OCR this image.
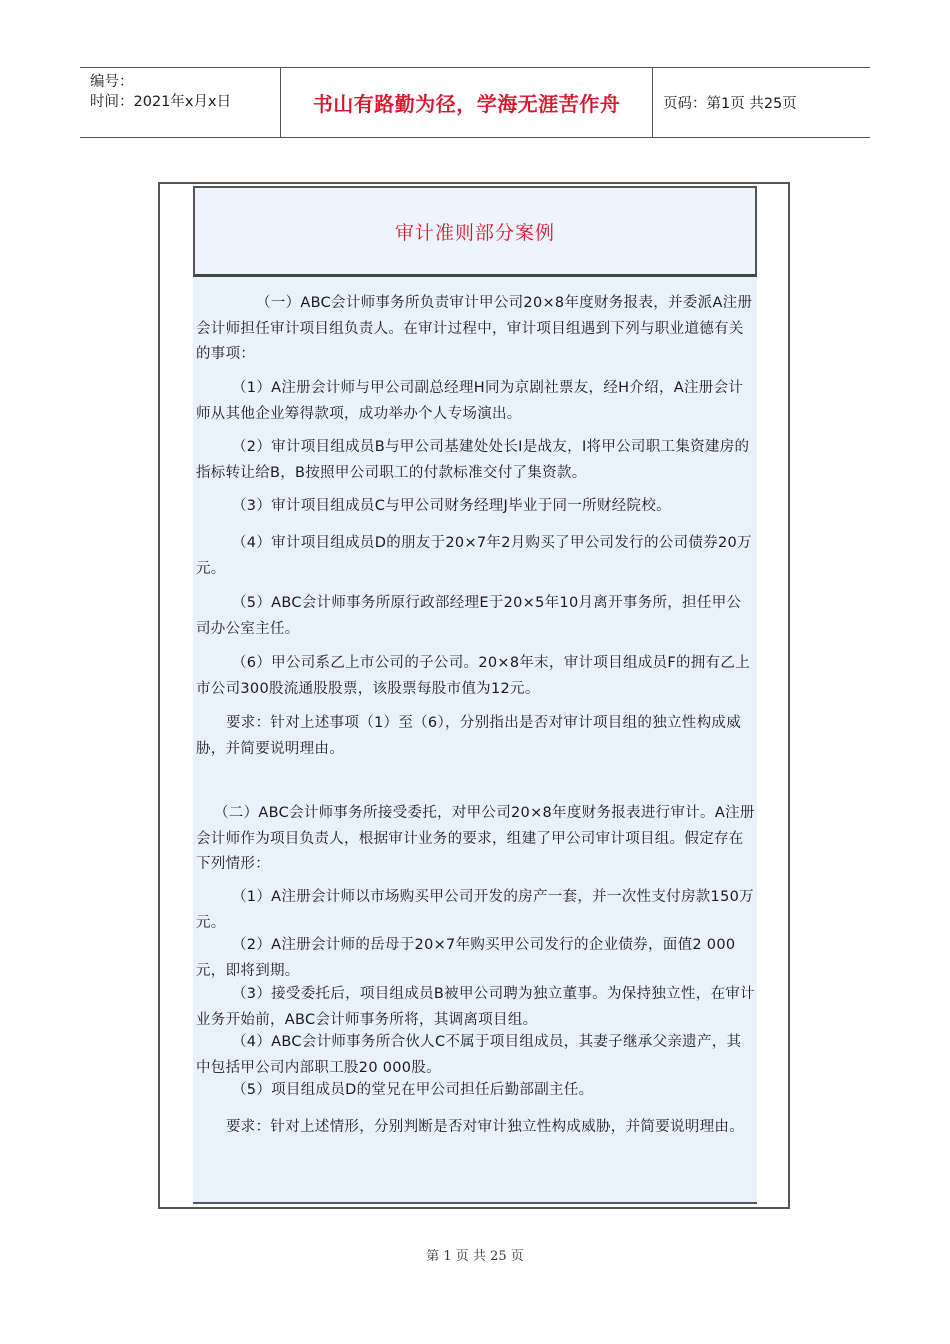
编号：
时间：2021年x月x日	书山有路勤为径，学海无涯苦作舟	页码：第1页 共25页
审计准则部分案例
（一）ABC会计师事务所负责审计甲公司20×8年度财务报表，并委派A注册会计师担任审计项目组负责人。在审计过程中，审计项目组遇到下列与职业道德有关的事项：
（1）A注册会计师与甲公司副总经理H同为京剧社票友，经H介绍，A注册会计师从其他企业筹得款项，成功举办个人专场演出。
（2）审计项目组成员B与甲公司基建处处长I是战友，I将甲公司职工集资建房的指标转让给B，B按照甲公司职工的付款标准交付了集资款。
（3）审计项目组成员C与甲公司财务经理J毕业于同一所财经院校。
（4）审计项目组成员D的朋友于20×7年2月购买了甲公司发行的公司债券20万元。
（5）ABC会计师事务所原行政部经理E于20×5年10月离开事务所，担任甲公司办公室主任。
（6）甲公司系乙上市公司的子公司。20×8年末，审计项目组成员F的拥有乙上市公司300股流通股股票，该股票每股市值为12元。
要求：针对上述事项（1）至（6），分别指出是否对审计项目组的独立性构成威胁，并简要说明理由。
（二）ABC会计师事务所接受委托，对甲公司20×8年度财务报表进行审计。A注册会计师作为项目负责人，根据审计业务的要求，组建了甲公司审计项目组。假定存在下列情形：
（1）A注册会计师以市场购买甲公司开发的房产一套，并一次性支付房款150万元。
（2）A注册会计师的岳母于20×7年购买甲公司发行的企业债券，面值2 000元，即将到期。
（3）接受委托后，项目组成员B被甲公司聘为独立董事。为保持独立性，在审计业务开始前，ABC会计师事务所将，其调离项目组。
（4）ABC会计师事务所合伙人C不属于项目组成员，其妻子继承父亲遗产，其中包括甲公司内部职工股20 000股。
（5）项目组成员D的堂兄在甲公司担任后勤部副主任。
要求：针对上述情形，分别判断是否对审计独立性构成威胁，并简要说明理由。
第 1 页 共 25 页
